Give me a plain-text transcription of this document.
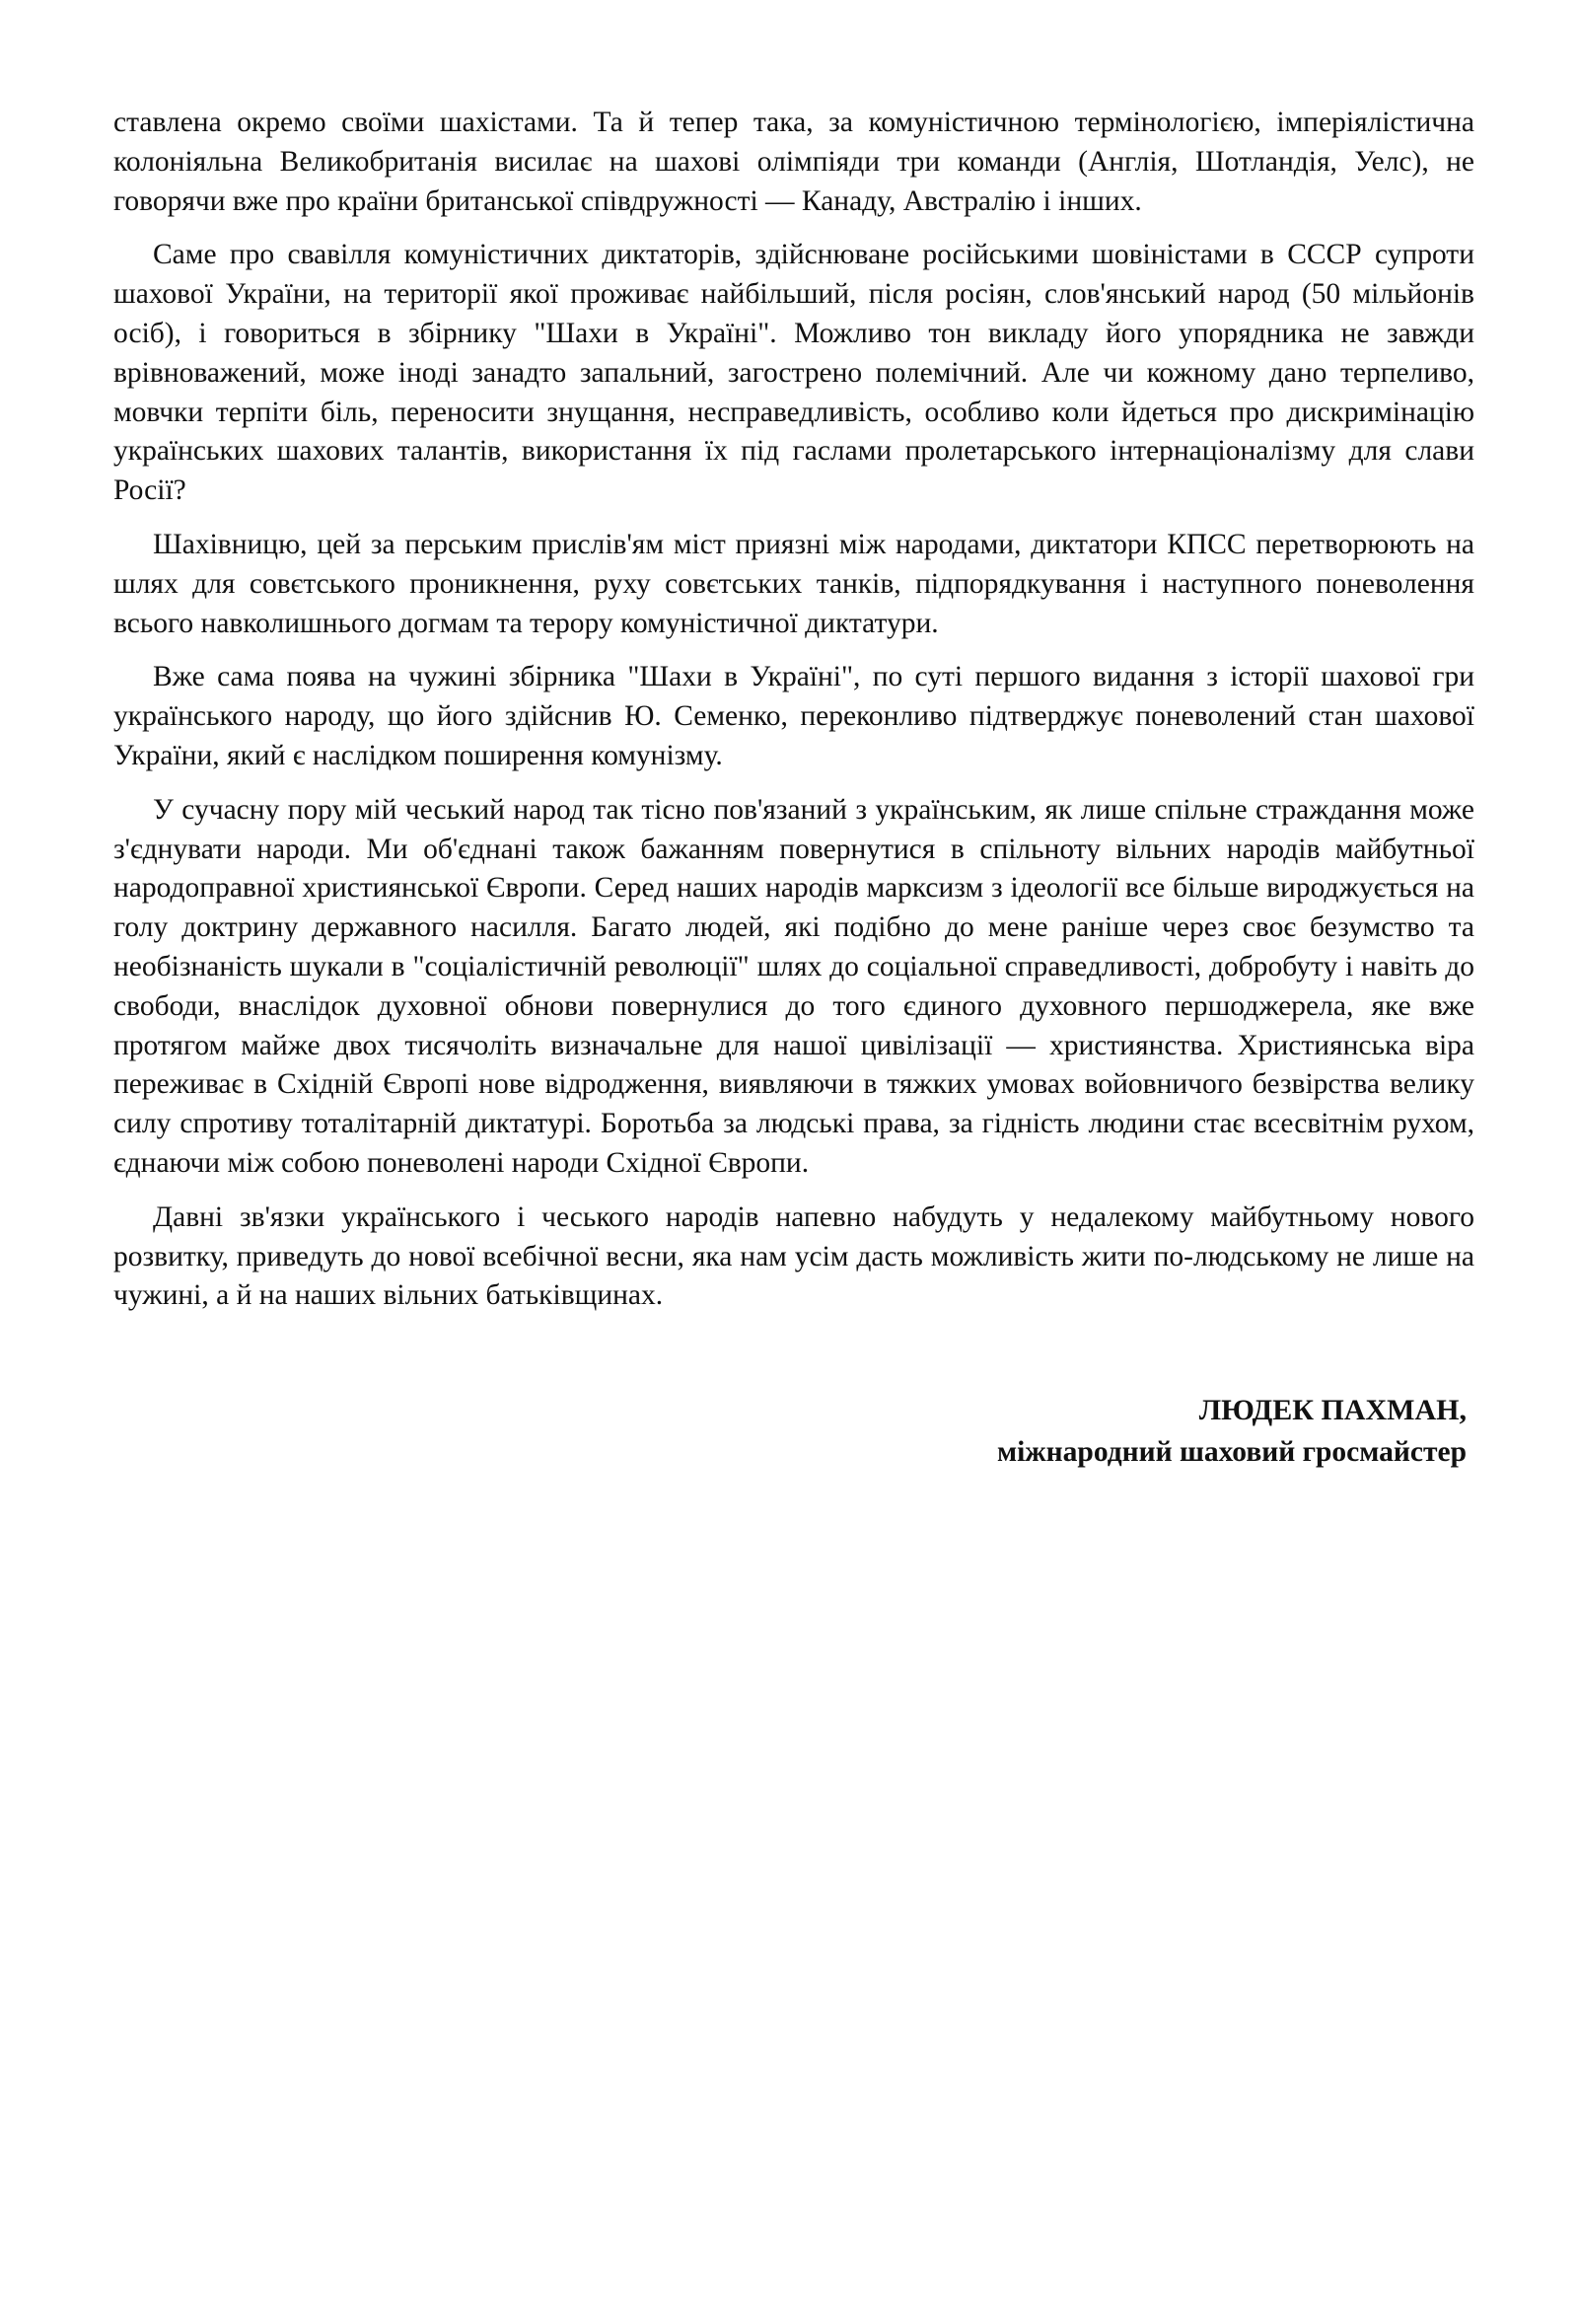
ставлена окремо своїми шахістами. Та й тепер така, за комуністичною термінологією, імперіялістична колоніяльна Великобританія висилає на шахові олімпіяди три команди (Англія, Шотландія, Уелс), не говорячи вже про країни британської співдружності — Канаду, Австралію і інших.

Саме про свавілля комуністичних диктаторів, здійснюване російськими шовіністами в СССР супроти шахової України, на території якої проживає найбільший, після росіян, слов'янський народ (50 мільйонів осіб), і говориться в збірнику "Шахи в Україні". Можливо тон викладу його упорядника не завжди врівноважений, може іноді занадто запальний, загострено полемічний. Але чи кожному дано терпеливо, мовчки терпіти біль, переносити знущання, несправедливість, особливо коли йдеться про дискримінацію українських шахових талантів, використання їх під гаслами пролетарського інтернаціоналізму для слави Росії?

Шахівницю, цей за перським прислів'ям міст приязні між народами, диктатори КПСС перетворюють на шлях для совєтського проникнення, руху совєтських танків, підпорядкування і наступного поневолення всього навколишнього догмам та терору комуністичної диктатури.

Вже сама поява на чужині збірника "Шахи в Україні", по суті першого видання з історії шахової гри українського народу, що його здійснив Ю. Семенко, переконливо підтверджує поневолений стан шахової України, який є наслідком поширення комунізму.

У сучасну пору мій чеський народ так тісно пов'язаний з українським, як лише спільне страждання може з'єднувати народи. Ми об'єднані також бажанням повернутися в спільноту вільних народів майбутньої народоправної християнської Європи. Серед наших народів марксизм з ідеології все більше вироджується на голу доктрину державного насилля. Багато людей, які подібно до мене раніше через своє безумство та необізнаність шукали в "соціалістичній революції" шлях до соціальної справедливості, добробуту і навіть до свободи, внаслідок духовної обнови повернулися до того єдиного духовного першоджерела, яке вже протягом майже двох тисячоліть визначальне для нашої цивілізації — християнства. Християнська віра переживає в Східній Європі нове відродження, виявляючи в тяжких умовах войовничого безвірства велику силу спротиву тоталітарній диктатурі. Боротьба за людські права, за гідність людини стає всесвітнім рухом, єднаючи між собою поневолені народи Східної Європи.

Давні зв'язки українського і чеського народів напевно набудуть у недалекому майбутньому нового розвитку, приведуть до нової всебічної весни, яка нам усім дасть можливість жити по-людському не лише на чужині, а й на наших вільних батьківщинах.

ЛЮДЕК ПАХМАН,
міжнародний шаховий гросмайстер
